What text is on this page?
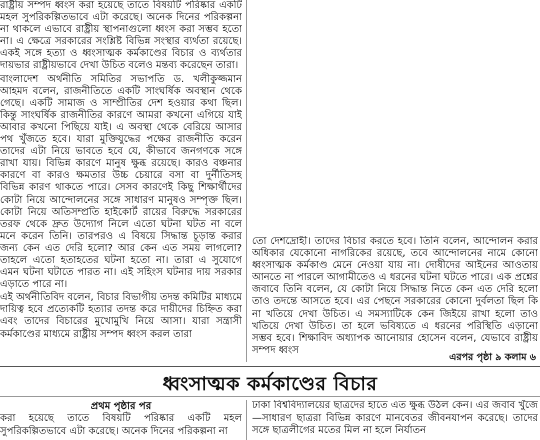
রাষ্ট্রীয় সম্পদ ধ্বংস করা হয়েছে তাতে বিষয়টি পরিষ্কার একটি মহল সুপরিকল্পিতভাবে এটা করেছে। অনেক দিনের পরিকল্পনা না থাকলে এভাবে রাষ্ট্রীয় স্থাপনাগুলো ধ্বংস করা সম্ভব হতো না। এ ক্ষেত্রে সরকারের সংশ্লিষ্ট বিভিন্ন সংস্থার ব্যর্থতা রয়েছে। একই সঙ্গে হত্যা ও ধ্বংসাত্মক কর্মকাণ্ডের বিচার ও ব্যর্থতার দায়ভার রাষ্ট্রীয়ভাবে দেখা উচিত বলেও মন্তব্য করেছেন তারা।

বাংলাদেশ অর্থনীতি সমিতির সভাপতি ড. খলীকুজ্জমান আহমদ বলেন, রাজনীতিতে একটি সাংঘর্ষিক অবস্থান থেকে গেছে। একটি সামাজ ও সাম্প্রীতির দেশ হওয়ার কথা ছিল। কিন্তু সাংঘর্ষিক রাজনীতির কারণে আমরা কখনো এগিয়ে যাই আবার কখনো পিছিয়ে যাই। এ অবস্থা থেকে বেরিয়ে আসার পথ খুঁজতে হবে। যারা মুক্তিযুদ্ধের পক্ষের রাজনীতি করেন তাদের এটা নিয়ে ভাবতে হবে যে, কীভাবে জনগণকে সঙ্গে রাখা যায়। বিভিন্ন কারণে মানুষ ক্ষুব্ধ রয়েছে। কারও বঞ্চনার কারণে বা কারও ক্ষমতার উচ্চ চেয়ারে বসা বা দুর্নীতিসহ বিভিন্ন কারণ থাকতে পারে। সেসব কারণেই কিছু শিক্ষার্থীদের কোটা নিয়ে আন্দোলনের সঙ্গে সাধারণ মানুষও সম্পৃক্ত ছিল। কোটা নিয়ে অতিসম্প্রতি হাইকোর্ট রায়ের বিরুদ্ধে সরকারের তরফ থেকে দ্রুত উদ্যোগ নিলে এতো ঘটনা ঘটত না বলে মনে করেন তিনি। তারপরও এ বিষয়ে সিদ্ধান্ত চূড়ান্ত করার জন্য কেন এত দেরি হলো? আর কেন এত সময় লাগলো? তাহলে এতো হতাহতের ঘটনা হতো না। তারা এ সুযোগে এমন ঘটনা ঘটাতে পারত না। এই সহিংস ঘটনার দায় সরকার এড়াতে পারে না।

এই অর্থনীতিবিদ বলেন, বিচার বিভাগীয় তদন্ত কমিটির মাধ্যমে দায়িত্ব হবে প্রত্যেকটি হত্যার তদন্ত করে দায়ীদের চিহ্নিত করা এবং তাদের বিচারের মুখোমুখি নিয়ে আসা। যারা সন্ত্রাসী কর্মকাণ্ডের মাধ্যমে রাষ্ট্রীয় সম্পদ ধ্বংস করল তারা

তো দেশদ্রোহী। তাদের বিচার করতে হবে। তিনি বলেন, আন্দোলন করার অধিকার যেকোনো নাগরিকের রয়েছে, তবে আন্দোলনের নামে কোনো ধ্বংসাত্মক কর্মকাণ্ড মেনে নেওয়া যায় না। দোষীদের আইনের আওতায় আনতে না পারলে আগামীতেও এ ধরনের ঘটনা ঘটতে পারে। এক প্রশ্নের জবাবে তিনি বলেন, যে কোটা নিয়ে সিদ্ধান্ত নিতে কেন এত দেরি হলো তাও তদন্তে আসতে হবে। এর পেছনে সরকারের কোনো দুর্বলতা ছিল কি না খতিয়ে দেখা উচিত। এ সমস্যাটিকে কেন জিইয়ে রাখা হলো তাও খতিয়ে দেখা উচিত। তা হলে ভবিষ্যতে এ ধরনের পরিস্থিতি এড়ানো সম্ভব হবে। শিক্ষাবিদ অধ্যাপক আনোয়ার হোসেন বলেন, যেভাবে রাষ্ট্রীয় সম্পদ ধ্বংস

এরপর পৃষ্ঠা ৯ কলাম ৬
ধ্বংসাত্মক কর্মকাণ্ডের বিচার
প্রথম পৃষ্ঠার পর

করা হয়েছে তাতে বিষয়টি পরিষ্কার একটি মহল সুপরিকল্পিতভাবে এটা করেছে। অনেক দিনের পরিকল্পনা না

ঢাকা বিশ্ববিদ্যালয়ের ছাত্রদের হাতে এত ক্ষুব্ধ উঠল কেন। এর জবাব খুঁজে—সাধারণ ছাত্ররা বিভিন্ন কারণে মানবেতর জীবনযাপন করেছে। তাদের সঙ্গে ছাত্রলীগের মতের মিল না হলে নির্যাতন
